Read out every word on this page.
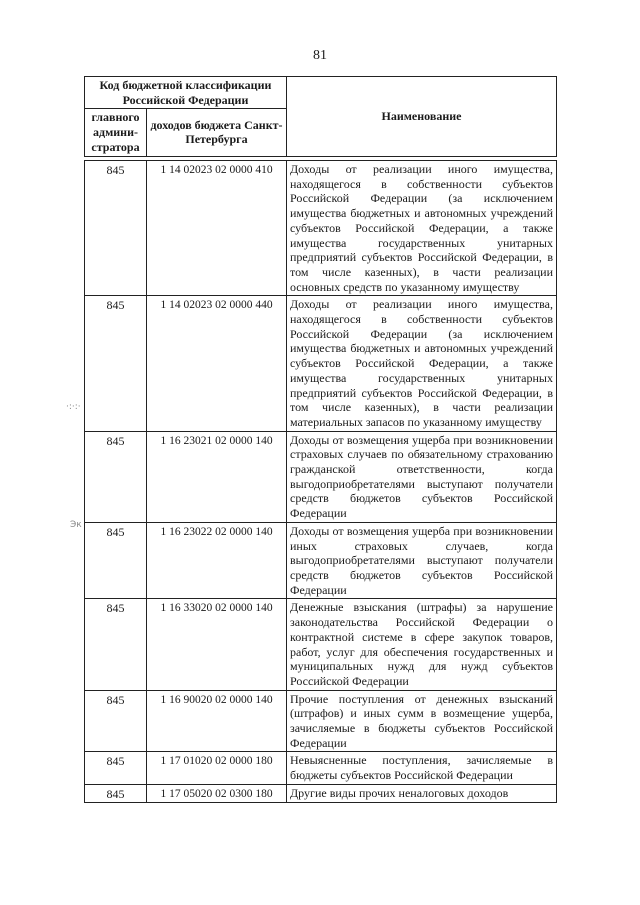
81
·:·:·
Эк
Код бюджетной классификации Российской Федерации		Наименование
главного админи-стратора	доходов бюджета Санкт-Петербурга	
845	1 14 02023 02 0000 410	Доходы от реализации иного имущества, находящегося в собственности субъектов Российской Федерации (за исключением имущества бюджетных и автономных учреждений субъектов Российской Федерации, а также имущества государственных унитарных предприятий субъектов Российской Федерации, в том числе казенных), в части реализации основных средств по указанному имуществу
845	1 14 02023 02 0000 440	Доходы от реализации иного имущества, находящегося в собственности субъектов Российской Федерации (за исключением имущества бюджетных и автономных учреждений субъектов Российской Федерации, а также имущества государственных унитарных предприятий субъектов Российской Федерации, в том числе казенных), в части реализации материальных запасов по указанному имуществу
845	1 16 23021 02 0000 140	Доходы от возмещения ущерба при возникновении страховых случаев по обязательному страхованию гражданской ответственности, когда выгодоприобретателями выступают получатели средств бюджетов субъектов Российской Федерации
845	1 16 23022 02 0000 140	Доходы от возмещения ущерба при возникновении иных страховых случаев, когда выгодоприобретателями выступают получатели средств бюджетов субъектов Российской Федерации
845	1 16 33020 02 0000 140	Денежные взыскания (штрафы) за нарушение законодательства Российской Федерации о контрактной системе в сфере закупок товаров, работ, услуг для обеспечения государственных и муниципальных нужд для нужд субъектов Российской Федерации
845	1 16 90020 02 0000 140	Прочие поступления от денежных взысканий (штрафов) и иных сумм в возмещение ущерба, зачисляемые в бюджеты субъектов Российской Федерации
845	1 17 01020 02 0000 180	Невыясненные поступления, зачисляемые в бюджеты субъектов Российской Федерации
845	1 17 05020 02 0300 180	Другие виды прочих неналоговых доходов
